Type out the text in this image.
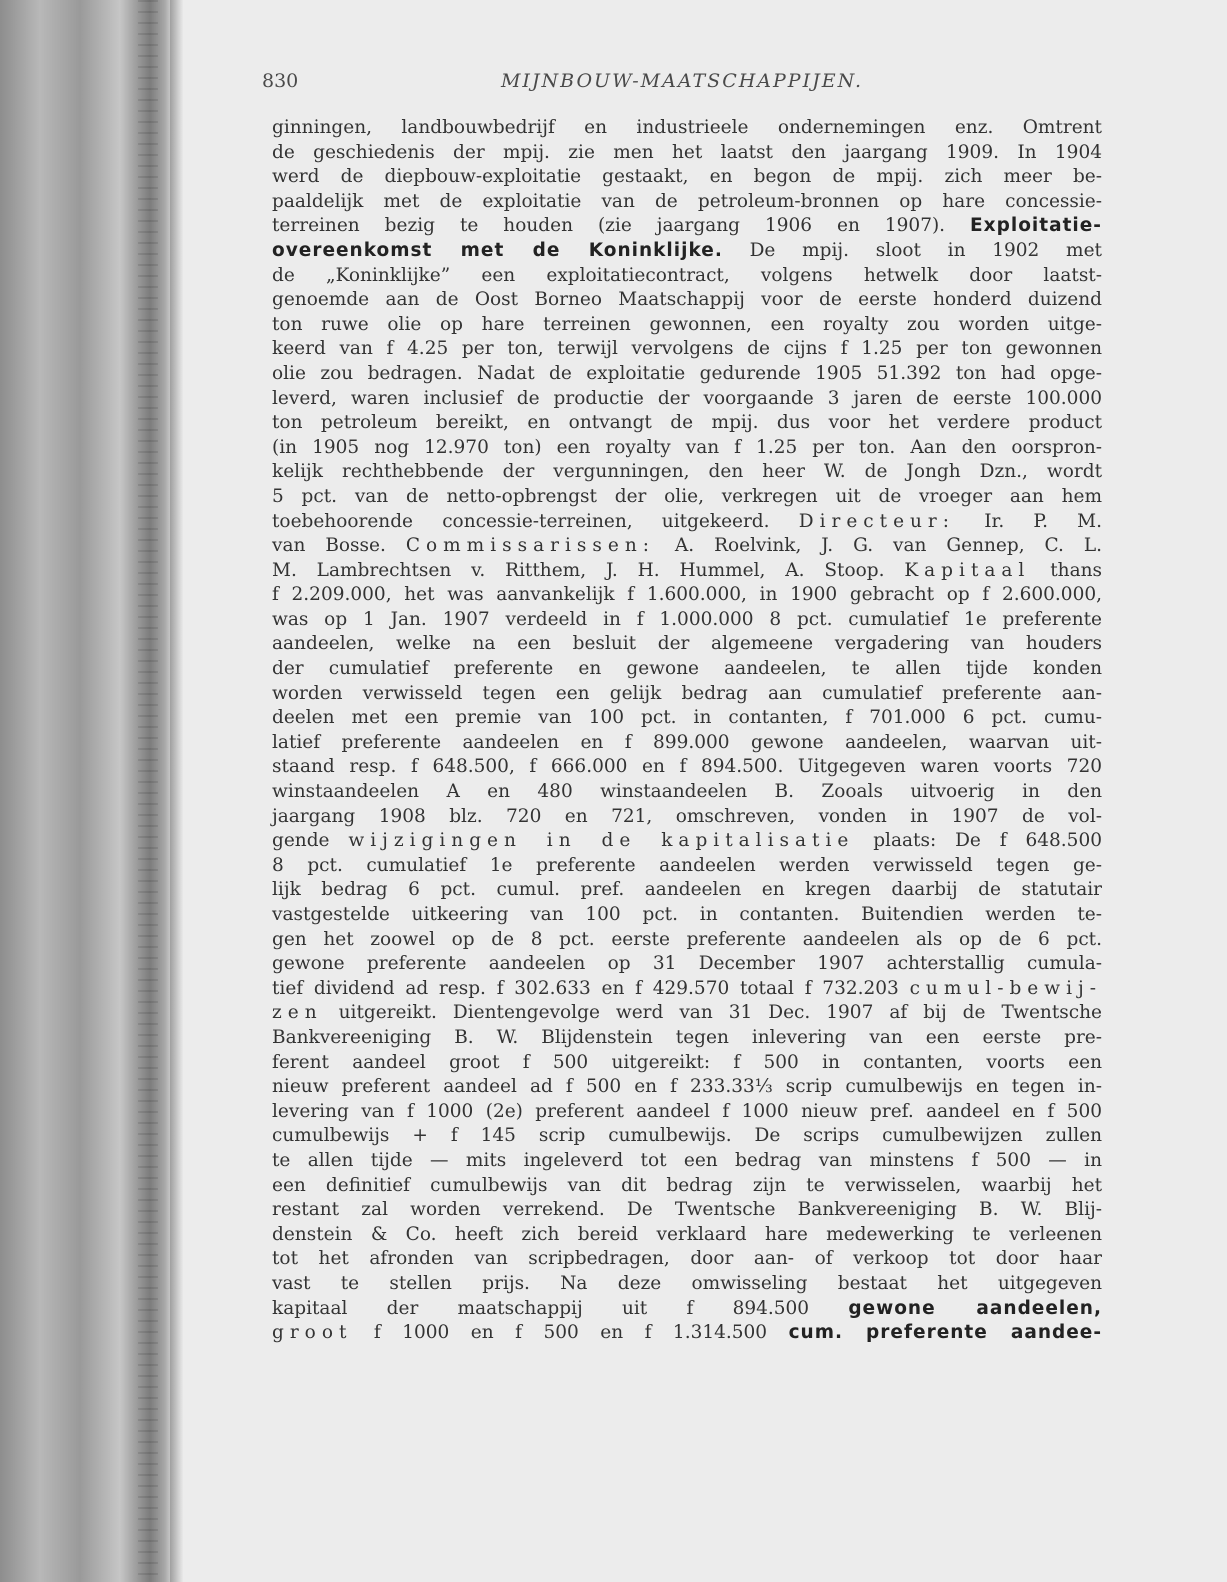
830	MIJNBOUW-MAATSCHAPPIJEN.
ginningen, landbouwbedrijf en industrieele ondernemingen enz. Omtrent
de geschiedenis der mpij. zie men het laatst den jaargang 1909. In 1904
werd de diepbouw-exploitatie gestaakt, en begon de mpij. zich meer be-
paaldelijk met de exploitatie van de petroleum-bronnen op hare concessie-
terreinen bezig te houden (zie jaargang 1906 en 1907). Exploitatie-
overeenkomst met de Koninklijke. De mpij. sloot in 1902 met
de „Koninklijke” een exploitatiecontract, volgens hetwelk door laatst-
genoemde aan de Oost Borneo Maatschappij voor de eerste honderd duizend
ton ruwe olie op hare terreinen gewonnen, een royalty zou worden uitge-
keerd van f 4.25 per ton, terwijl vervolgens de cijns f 1.25 per ton gewonnen
olie zou bedragen. Nadat de exploitatie gedurende 1905 51.392 ton had opge-
leverd, waren inclusief de productie der voorgaande 3 jaren de eerste 100.000
ton petroleum bereikt, en ontvangt de mpij. dus voor het verdere product
(in 1905 nog 12.970 ton) een royalty van f 1.25 per ton. Aan den oorspron-
kelijk rechthebbende der vergunningen, den heer W. de Jongh Dzn., wordt
5 pct. van de netto-opbrengst der olie, verkregen uit de vroeger aan hem
toebehoorende concessie-terreinen, uitgekeerd. Directeur: Ir. P. M.
van Bosse. Commissarissen: A. Roelvink, J. G. van Gennep, C. L.
M. Lambrechtsen v. Ritthem, J. H. Hummel, A. Stoop. Kapitaal thans
f 2.209.000, het was aanvankelijk f 1.600.000, in 1900 gebracht op f 2.600.000,
was op 1 Jan. 1907 verdeeld in f 1.000.000 8 pct. cumulatief 1e preferente
aandeelen, welke na een besluit der algemeene vergadering van houders
der cumulatief preferente en gewone aandeelen, te allen tijde konden
worden verwisseld tegen een gelijk bedrag aan cumulatief preferente aan-
deelen met een premie van 100 pct. in contanten, f 701.000 6 pct. cumu-
latief preferente aandeelen en f 899.000 gewone aandeelen, waarvan uit-
staand resp. f 648.500, f 666.000 en f 894.500. Uitgegeven waren voorts 720
winstaandeelen A en 480 winstaandeelen B. Zooals uitvoerig in den
jaargang 1908 blz. 720 en 721, omschreven, vonden in 1907 de vol-
gende wijzigingen in de kapitalisatie plaats: De f 648.500
8 pct. cumulatief 1e preferente aandeelen werden verwisseld tegen ge-
lijk bedrag 6 pct. cumul. pref. aandeelen en kregen daarbij de statutair
vastgestelde uitkeering van 100 pct. in contanten. Buitendien werden te-
gen het zoowel op de 8 pct. eerste preferente aandeelen als op de 6 pct.
gewone preferente aandeelen op 31 December 1907 achterstallig cumula-
tief dividend ad resp. f 302.633 en f 429.570 totaal f 732.203 cumul-bewij-
zen uitgereikt. Dientengevolge werd van 31 Dec. 1907 af bij de Twentsche
Bankvereeniging B. W. Blijdenstein tegen inlevering van een eerste pre-
ferent aandeel groot f 500 uitgereikt: f 500 in contanten, voorts een
nieuw preferent aandeel ad f 500 en f 233.33⅓ scrip cumulbewijs en tegen in-
levering van f 1000 (2e) preferent aandeel f 1000 nieuw pref. aandeel en f 500
cumulbewijs + f 145 scrip cumulbewijs. De scrips cumulbewijzen zullen
te allen tijde — mits ingeleverd tot een bedrag van minstens f 500 — in
een definitief cumulbewijs van dit bedrag zijn te verwisselen, waarbij het
restant zal worden verrekend. De Twentsche Bankvereeniging B. W. Blij-
denstein & Co. heeft zich bereid verklaard hare medewerking te verleenen
tot het afronden van scripbedragen, door aan- of verkoop tot door haar
vast te stellen prijs. Na deze omwisseling bestaat het uitgegeven
kapitaal der maatschappij uit f 894.500 gewone aandeelen,
groot f 1000 en f 500 en f 1.314.500 cum. preferente aandee-
